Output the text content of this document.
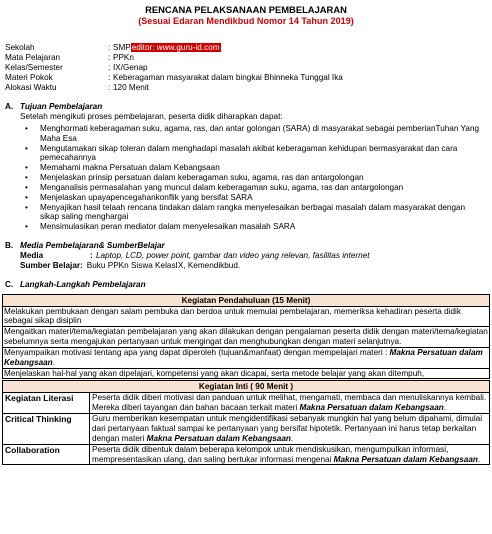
RENCANA PELAKSANAAN PEMBELAJARAN
(Sesuai Edaran Mendikbud Nomor 14 Tahun 2019)
Sekolah	: SMPeditor: www.guru-id.com
Mata Pelajaran	: PPKn
Kelas/Semester	: IX/Genap
Materi Pokok	: Keberagaman masyarakat dalam bingkai Bhinneka Tunggal Ika
Alokasi Waktu	: 120 Menit
A. Tujuan Pembelajaran
Setelah mengikuti proses pembelajaran, peserta didik diharapkan dapat:
• Menghormati keberagaman suku, agama, ras, dan antar golongan (SARA) di masyarakat sebagai pemberianTuhan Yang Maha Esa
• Mengutamakan sikap toleran dalam menghadapi masalah akibat keberagaman kehidupan bermasyarakat dan cara pemecahannya
• Memahami makna Persatuan dalam Kebangsaan
• Menjelaskan prinsip persatuan dalam keberagaman suku, agama, ras dan antargolongan
• Menganalisis permasalahan yang muncul dalam keberagaman suku, agama, ras dan antargolongan
• Menjelaskan upayapencegahankonflik yang bersifat SARA
• Menyajikan hasil telaah rencana tindakan dalam rangka menyelesaikan berbagai masalah dalam masyarakat dengan sikap saling menghargai
• Mensimulasikan peran mediator dalam menyelesaikan masalah SARA
B. Media Pembelajaran& SumberBelajar
Media	: Laptop, LCD, power point, gambar dan video yang relevan, fasilitas internet
Sumber Belajar: Buku PPKn Siswa KelasIX, Kemendikbud.
C. Langkah-Langkah Pembelajaran
Kegiatan Pendahuluan (15 Menit)
Melakukan pembukaan dengan salam pembuka dan berdoa untuk memulai pembelajaran, memeriksa kehadiran peserta didik sebagai sikap disiplin
Mengaitkan materi/tema/kegiatan pembelajaran yang akan dilakukan dengan pengalaman peserta didik dengan materi/tema/kegiatan sebelumnya serta mengajukan pertanyaan untuk mengingat dan menghubungkan dengan materi selanjutnya.
Menyampaikan motivasi tentang apa yang dapat diperoleh (tujuan&manfaat) dengan mempelajari materi : Makna Persatuan dalam Kebangsaan.
Menjelaskan hal-hal yang akan dipelajari, kompetensi yang akan dicapai, serta metode belajar yang akan ditempuh,
Kegiatan Inti ( 90 Menit )
Kegiatan Literasi	Peserta didik diberi motivasi dan panduan untuk melihat, mengamati, membaca dan menuliskannya kembali. Mereka diberi tayangan dan bahan bacaan terkait materi Makna Persatuan dalam Kebangsaan.
Critical Thinking	Guru memberikan kesempatan untuk mengidentifikasi sebanyak mungkin hal yang belum dipahami, dimulai dari pertanyaan faktual sampai ke pertanyaan yang bersifat hipotetik. Pertanyaan ini harus tetap berkaitan dengan materi Makna Persatuan dalam Kebangsaan.
Collaboration	Peserta didik dibentuk dalam beberapa kelompok untuk mendiskusikan, mengumpulkan informasi, mempresentasikan ulang, dan saling bertukar informasi mengenai Makna Persatuan dalam Kebangsaan.
